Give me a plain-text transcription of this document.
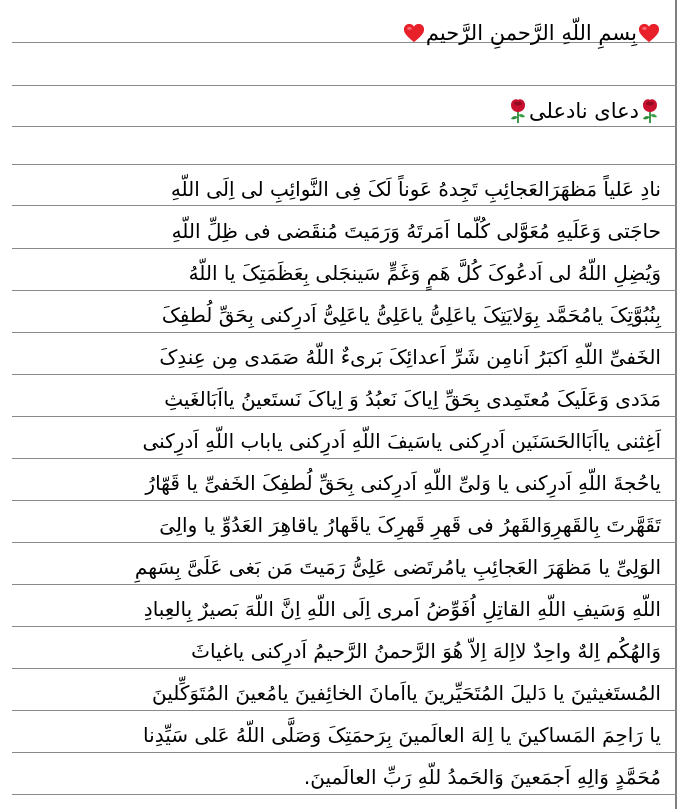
بِسمِ اللّهِ الرَّحمنِ الرَّحیم
دعای نادعلی
نادِ عَلیاً مَظهَرَالعَجائِبِ تَجِدهُ عَوناً لَکَ فِی النَّوائِبِ لی اِلَی اللّهِ
حاجَتی وَعَلَیهِ مُعَوَّلی کُلّما اَمَرتَهُ وَرَمَیتَ مُنقَضی فی ظِلِّ اللّهِ
وَیُضِلِ اللّهُ لی اَدعُوکَ کُلَّ هَمٍ وَغَمٍّ سَینجَلی بِعَظَمَتِکَ یا اللّهُ
بِنُبُوَّتِکَ یامُحَمَّد بِوَلایَتِکَ یاعَلِیُّ یاعَلِیُّ یاعَلِیُّ اَدرِکنی بِحَقِّ لُطفِکَ
الخَفیِّ اللّهِ اَکبَرُ اَنامِن شَرِّ اَعدائِکَ بَریءٌ اللّهُ صَمَدی مِن عِندِکَ
مَدَدی وَعَلَیکَ مُعتَمِدی بِحَقِّ اِیاکَ نَعبُدُ وَ اِیاکَ نَستَعینُ یااَبَالغَیثِ
اَغِثنی یااَبَاالحَسَنَین اَدرِکنی یاسَیفَ اللّهِ اَدرِکنی یاباب اللّهِ اَدرِکنی
یاحُجةَ اللّهِ اَدرِکنی یا وَلیِّ اللّهِ اَدرِکنی بِحَقِّ لُطفِکَ الخَفیِّ یا قَهّارُ
تَقَهَّرتَ بِالقَهرِوَالقَهرُ فی قَهرِ قَهرِکَ یاقَهارُ یاقاهِرَ العَدُوِّ یا والِیَ
الوَلِیِّ یا مَظهَرَ العَجائِبِ یامُرتَضی عَلِیُّ رَمَیتَ مَن بَغی عَلَیَّ بِسَهمِ
اللّهِ وَسَیفِ اللّهِ القاتِلِ اُفَوِّضُ اَمری اِلَی اللّهِ اِنَّ اللّهَ بَصیرٌ بِالعِبادِ
وَالهُکُم اِلهٌ واحِدٌ لااِلهَ اِلاّ هُوَ الرَّحمنُ الرَّحیمُ اَدرِکنی یاغیاثَ
المُستَغیثینَ یا دَلیلَ المُتَحَیِّرینَ یااَمانَ الخائِفینَ یامُعینَ المُتَوَکِّلینَ
یا رَاحِمَ المَساکینَ یا اِلهَ العالَمینَ بِرَحمَتِکَ وَصَلَّی اللّهُ عَلی سَیِّدِنا
مُحَمَّدٍ وَالِهِ اَجمَعینَ وَالحَمدُ للّهِ رَبِّ العالَمینَ.
